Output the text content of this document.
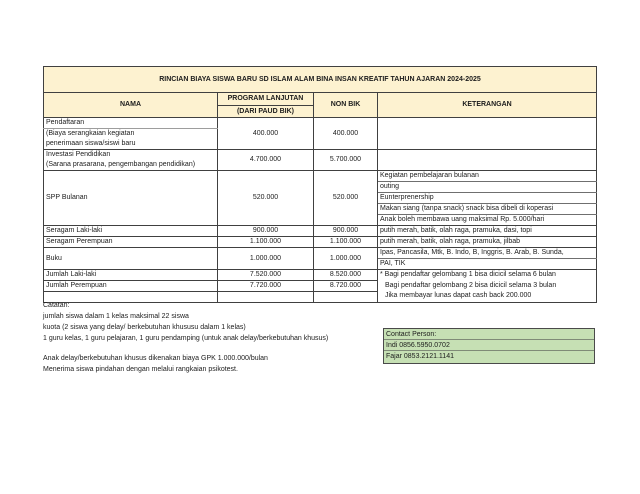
RINCIAN BIAYA SISWA BARU SD ISLAM ALAM BINA INSAN KREATIF TAHUN AJARAN 2024-2025			
NAMA	PROGRAM LANJUTAN	NON BIK	KETERANGAN
	(DARI PAUD BIK)		
Pendaftaran	400.000	400.000	
(Biaya serangkaian kegiatan			
penerimaan siswa/siswi baru			
Investasi Pendidikan	4.700.000	5.700.000	
(Sarana prasarana, pengembangan pendidikan)			
SPP Bulanan	520.000	520.000	Kegiatan pembelajaran bulanan
			outing
			Eunterprenership
			Makan siang (tanpa snack) snack bisa dibeli di koperasi
			Anak boleh membawa uang maksimal Rp. 5.000/hari
Seragam Laki-laki	900.000	900.000	putih merah, batik, olah raga, pramuka, dasi, topi
Seragam Perempuan	1.100.000	1.100.000	putih merah, batik, olah raga, pramuka, jilbab
Buku	1.000.000	1.000.000	Ipas, Pancasila, Mtk, B. Indo, B, Inggris, B. Arab, B. Sunda,
			PAI, TIK
Jumlah Laki-laki	7.520.000	8.520.000	* Bagi pendaftar gelombang 1 bisa dicicil selama 6 bulan
Bagi pendaftar gelombang 2 bisa dicicil selama 3 bulan
Jika membayar lunas dapat cash back 200.000

Jumlah Perempuan	7.720.000	8.720.000	

Catatan:
jumlah siswa dalam 1 kelas maksimal 22 siswa
kuota (2 siswa yang delay/ berkebutuhan khususu dalam 1 kelas)
1 guru kelas, 1 guru pelajaran, 1 guru pendamping (untuk anak delay/berkebutuhan khusus)
Anak delay/berkebutuhan khusus dikenakan biaya GPK 1.000.000/bulan
Menerima siswa pindahan dengan melalui rangkaian psikotest.
Contact Person:
Indi 0856.5950.0702
Fajar 0853.2121.1141
